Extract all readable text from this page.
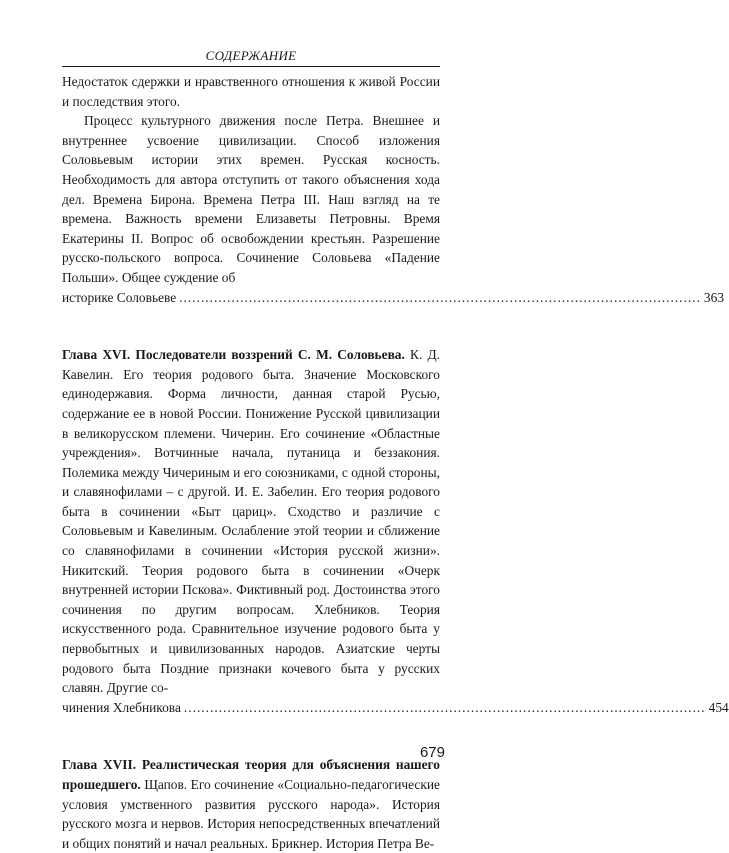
СОДЕРЖАНИЕ

Недостаток сдержки и нравственного отношения к живой России и последствия этого.

Процесс культурного движения после Петра. Внешнее и внутреннее усвоение цивилизации. Способ изложения Соловьевым истории этих времен. Русская косность. Необходимость для автора отступить от такого объяснения хода дел. Времена Бирона. Времена Петра III. Наш взгляд на те времена. Важность времени Елизаветы Петровны. Время Екатерины II. Вопрос об освобождении крестьян. Разрешение русско-польского вопроса. Сочинение Соловьева «Падение Польши». Общее суждение об

историке Соловьеве ........................................................................................................................ 363

Глава XVI. Последователи воззрений С. М. Соловьева. К. Д. Кавелин. Его теория родового быта. Значение Московского единодержавия. Форма личности, данная старой Русью, содержание ее в новой России. Понижение Русской цивилизации в великорусском племени. Чичерин. Его сочинение «Областные учреждения». Вотчинные начала, путаница и беззакония. Полемика между Чичериным и его союзниками, с одной стороны, и славянофилами – с другой. И. Е. Забелин. Его теория родового быта в сочинении «Быт цариц». Сходство и различие с Соловьевым и Кавелиным. Ослабление этой теории и сближение со славянофилами в сочинении «История русской жизни». Никитский. Теория родового быта в сочинении «Очерк внутренней истории Пскова». Фиктивный род. Достоинства этого сочинения по другим вопросам. Хлебников. Теория искусственного рода. Сравнительное изучение родового быта у первобытных и цивилизованных народов. Азиатские черты родового быта Поздние признаки кочевого быта у русских славян. Другие со-

чинения Хлебникова ........................................................................................................................ 454

Глава XVII. Реалистическая теория для объяснения нашего прошедшего. Щапов. Его сочинение «Социально-педагогические условия умственного развития русского народа». История русского мозга и нервов. История непосредственных впечатлений и общих понятий и начал реальных. Брикнер. История Петра Ве-

679
